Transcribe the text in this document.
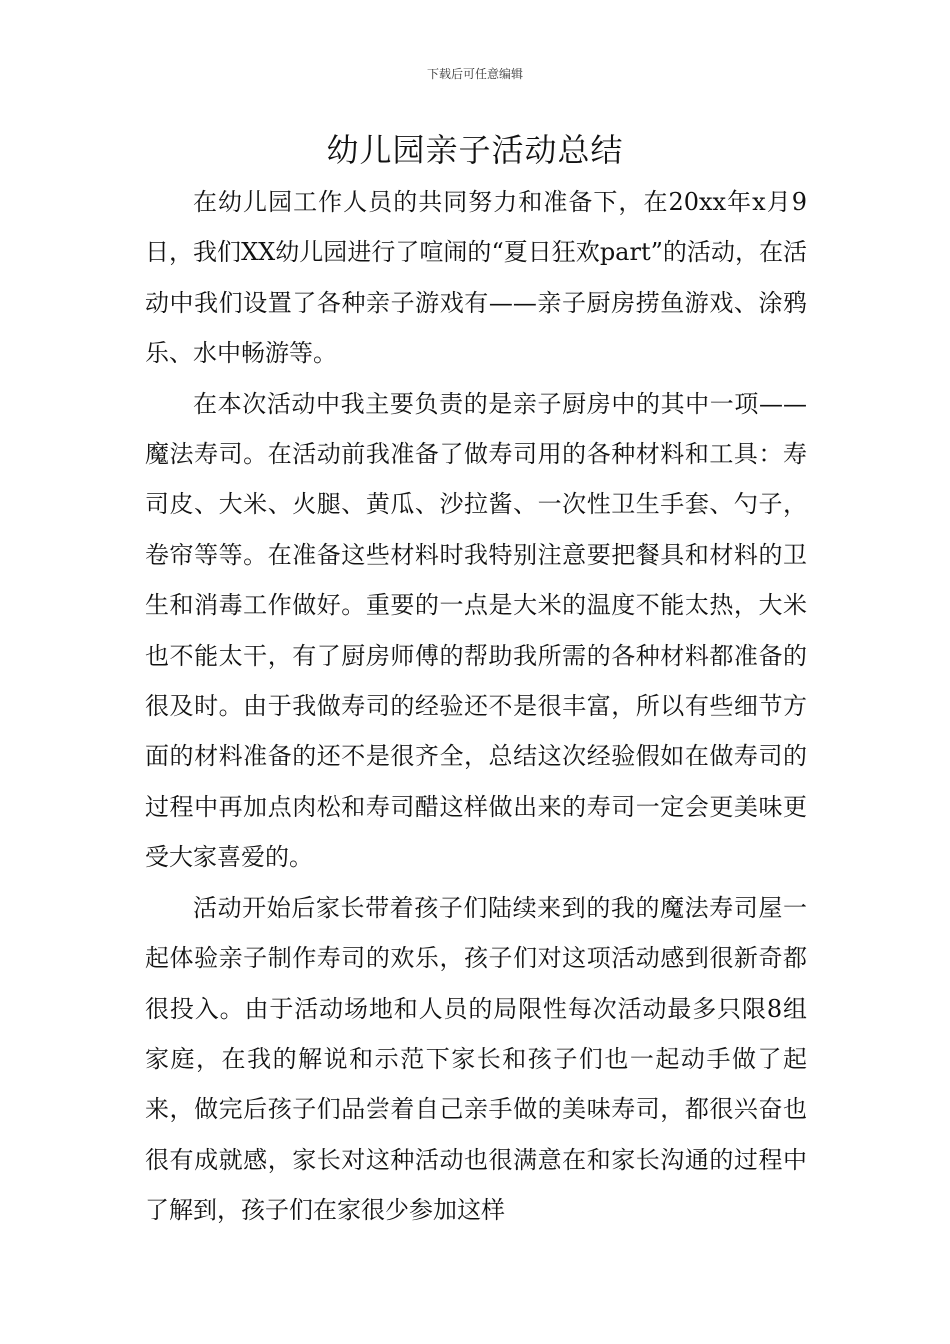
下载后可任意编辑
幼儿园亲子活动总结

在幼儿园工作人员的共同努力和准备下，在20xx年x月9日，我们XX幼儿园进行了喧闹的“夏日狂欢part”的活动，在活动中我们设置了各种亲子游戏有——亲子厨房捞鱼游戏、涂鸦乐、水中畅游等。

在本次活动中我主要负责的是亲子厨房中的其中一项——魔法寿司。在活动前我准备了做寿司用的各种材料和工具：寿司皮、大米、火腿、黄瓜、沙拉酱、一次性卫生手套、勺子，卷帘等等。在准备这些材料时我特别注意要把餐具和材料的卫生和消毒工作做好。重要的一点是大米的温度不能太热，大米也不能太干，有了厨房师傅的帮助我所需的各种材料都准备的很及时。由于我做寿司的经验还不是很丰富，所以有些细节方面的材料准备的还不是很齐全，总结这次经验假如在做寿司的过程中再加点肉松和寿司醋这样做出来的寿司一定会更美味更受大家喜爱的。

活动开始后家长带着孩子们陆续来到的我的魔法寿司屋一起体验亲子制作寿司的欢乐，孩子们对这项活动感到很新奇都很投入。由于活动场地和人员的局限性每次活动最多只限8组家庭，在我的解说和示范下家长和孩子们也一起动手做了起来，做完后孩子们品尝着自己亲手做的美味寿司，都很兴奋也很有成就感，家长对这种活动也很满意在和家长沟通的过程中了解到，孩子们在家很少参加这样
